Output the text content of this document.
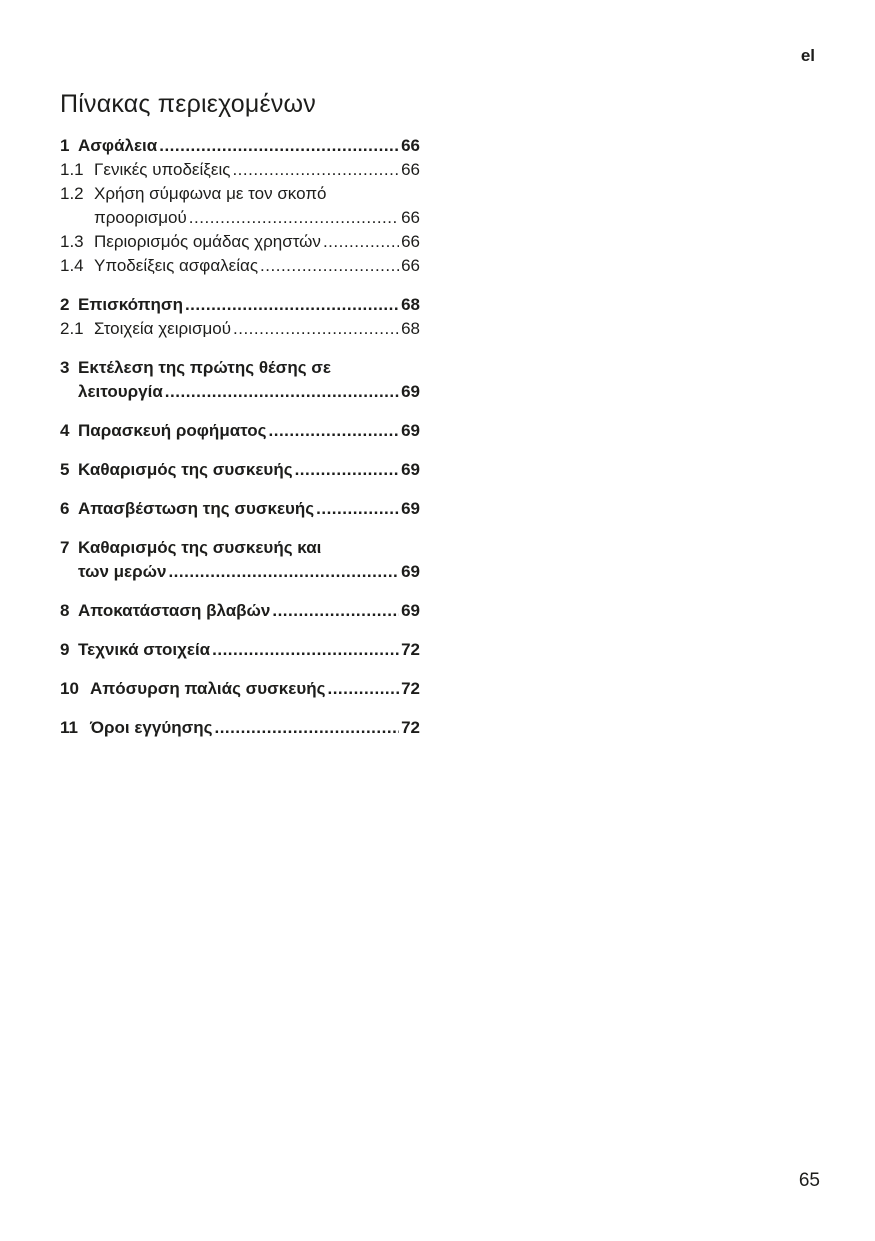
el
Πίνακας περιεχομένων
1 Ασφάλεια .....	66
1.1 Γενικές υποδείξεις .....	66
1.2 Χρήση σύμφωνα με τον σκοπό
προορισμού .....	66
1.3 Περιορισμός ομάδας χρηστών .....	66
1.4 Υποδείξεις ασφαλείας .....	66
2 Επισκόπηση .....	68
2.1 Στοιχεία χειρισμού .....	68
3 Εκτέλεση της πρώτης θέσης σε
λειτουργία .....	69
4 Παρασκευή ροφήματος .....	69
5 Καθαρισμός της συσκευής .....	69
6 Απασβέστωση της συσκευής .....	69
7 Καθαρισμός της συσκευής και
των μερών .....	69
8 Αποκατάσταση βλαβών .....	69
9 Τεχνικά στοιχεία .....	72
10 Απόσυρση παλιάς συσκευής .....	72
11 Όροι εγγύησης .....	72
65
